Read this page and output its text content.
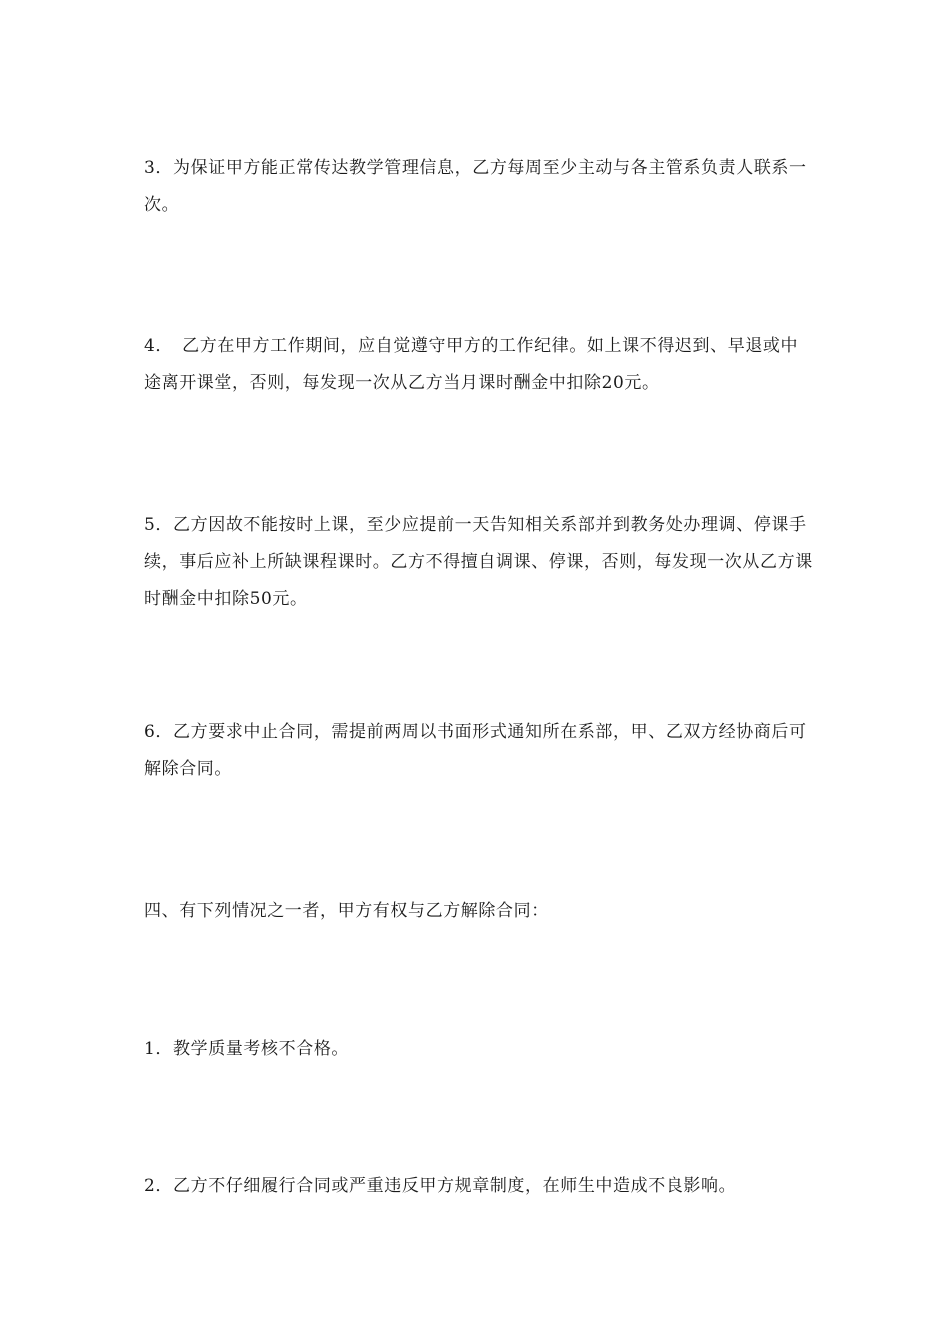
3．为保证甲方能正常传达教学管理信息，乙方每周至少主动与各主管系负责人联系一次。

4．　乙方在甲方工作期间，应自觉遵守甲方的工作纪律。如上课不得迟到、早退或中途离开课堂，否则，每发现一次从乙方当月课时酬金中扣除20元。

5．乙方因故不能按时上课，至少应提前一天告知相关系部并到教务处办理调、停课手续，事后应补上所缺课程课时。乙方不得擅自调课、停课，否则，每发现一次从乙方课时酬金中扣除50元。

6．乙方要求中止合同，需提前两周以书面形式通知所在系部，甲、乙双方经协商后可解除合同。

四、有下列情况之一者，甲方有权与乙方解除合同：

1．教学质量考核不合格。

2．乙方不仔细履行合同或严重违反甲方规章制度，在师生中造成不良影响。
